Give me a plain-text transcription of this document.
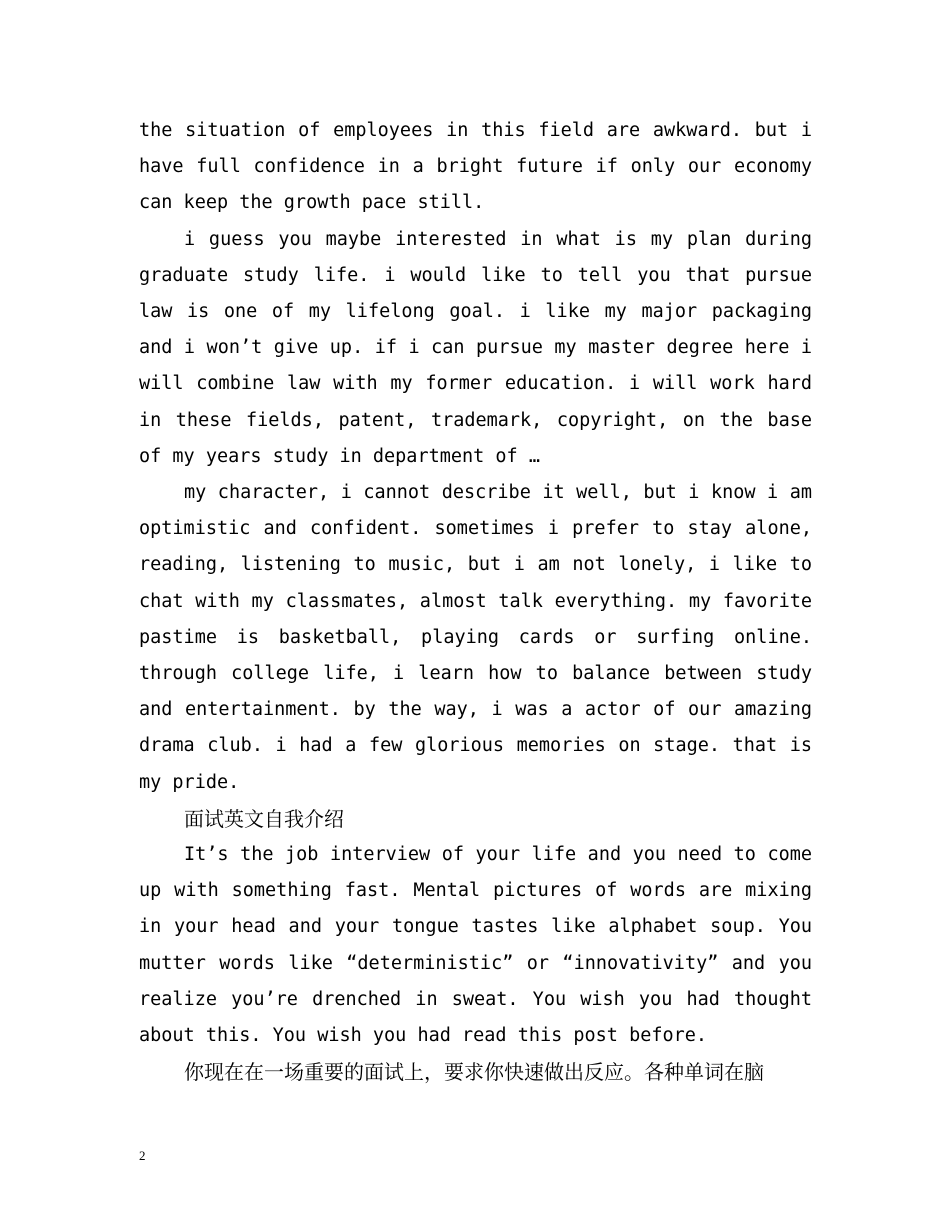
the situation of employees in this field are awkward. but i have full confidence in a bright future if only our economy can keep the growth pace still.

i guess you maybe interested in what is my plan during graduate study life. i would like to tell you that pursue law is one of my lifelong goal. i like my major packaging and i won’t give up. if i can pursue my master degree here i will combine law with my former education. i will work hard in these fields, patent, trademark, copyright, on the base of my years study in department of …

my character, i cannot describe it well, but i know i am optimistic and confident. sometimes i prefer to stay alone, reading, listening to music, but i am not lonely, i like to chat with my classmates, almost talk everything. my favorite pastime is basketball, playing cards or surfing online. through college life, i learn how to balance between study and entertainment. by the way, i was a actor of our amazing drama club. i had a few glorious memories on stage. that is my pride.

面试英文自我介绍

It’s the job interview of your life and you need to come up with something fast. Mental pictures of words are mixing in your head and your tongue tastes like alphabet soup. You mutter words like “deterministic” or “innovativity” and you realize you’re drenched in sweat. You wish you had thought about this. You wish you had read this post before.

你现在在一场重要的面试上，要求你快速做出反应。各种单词在脑

2
